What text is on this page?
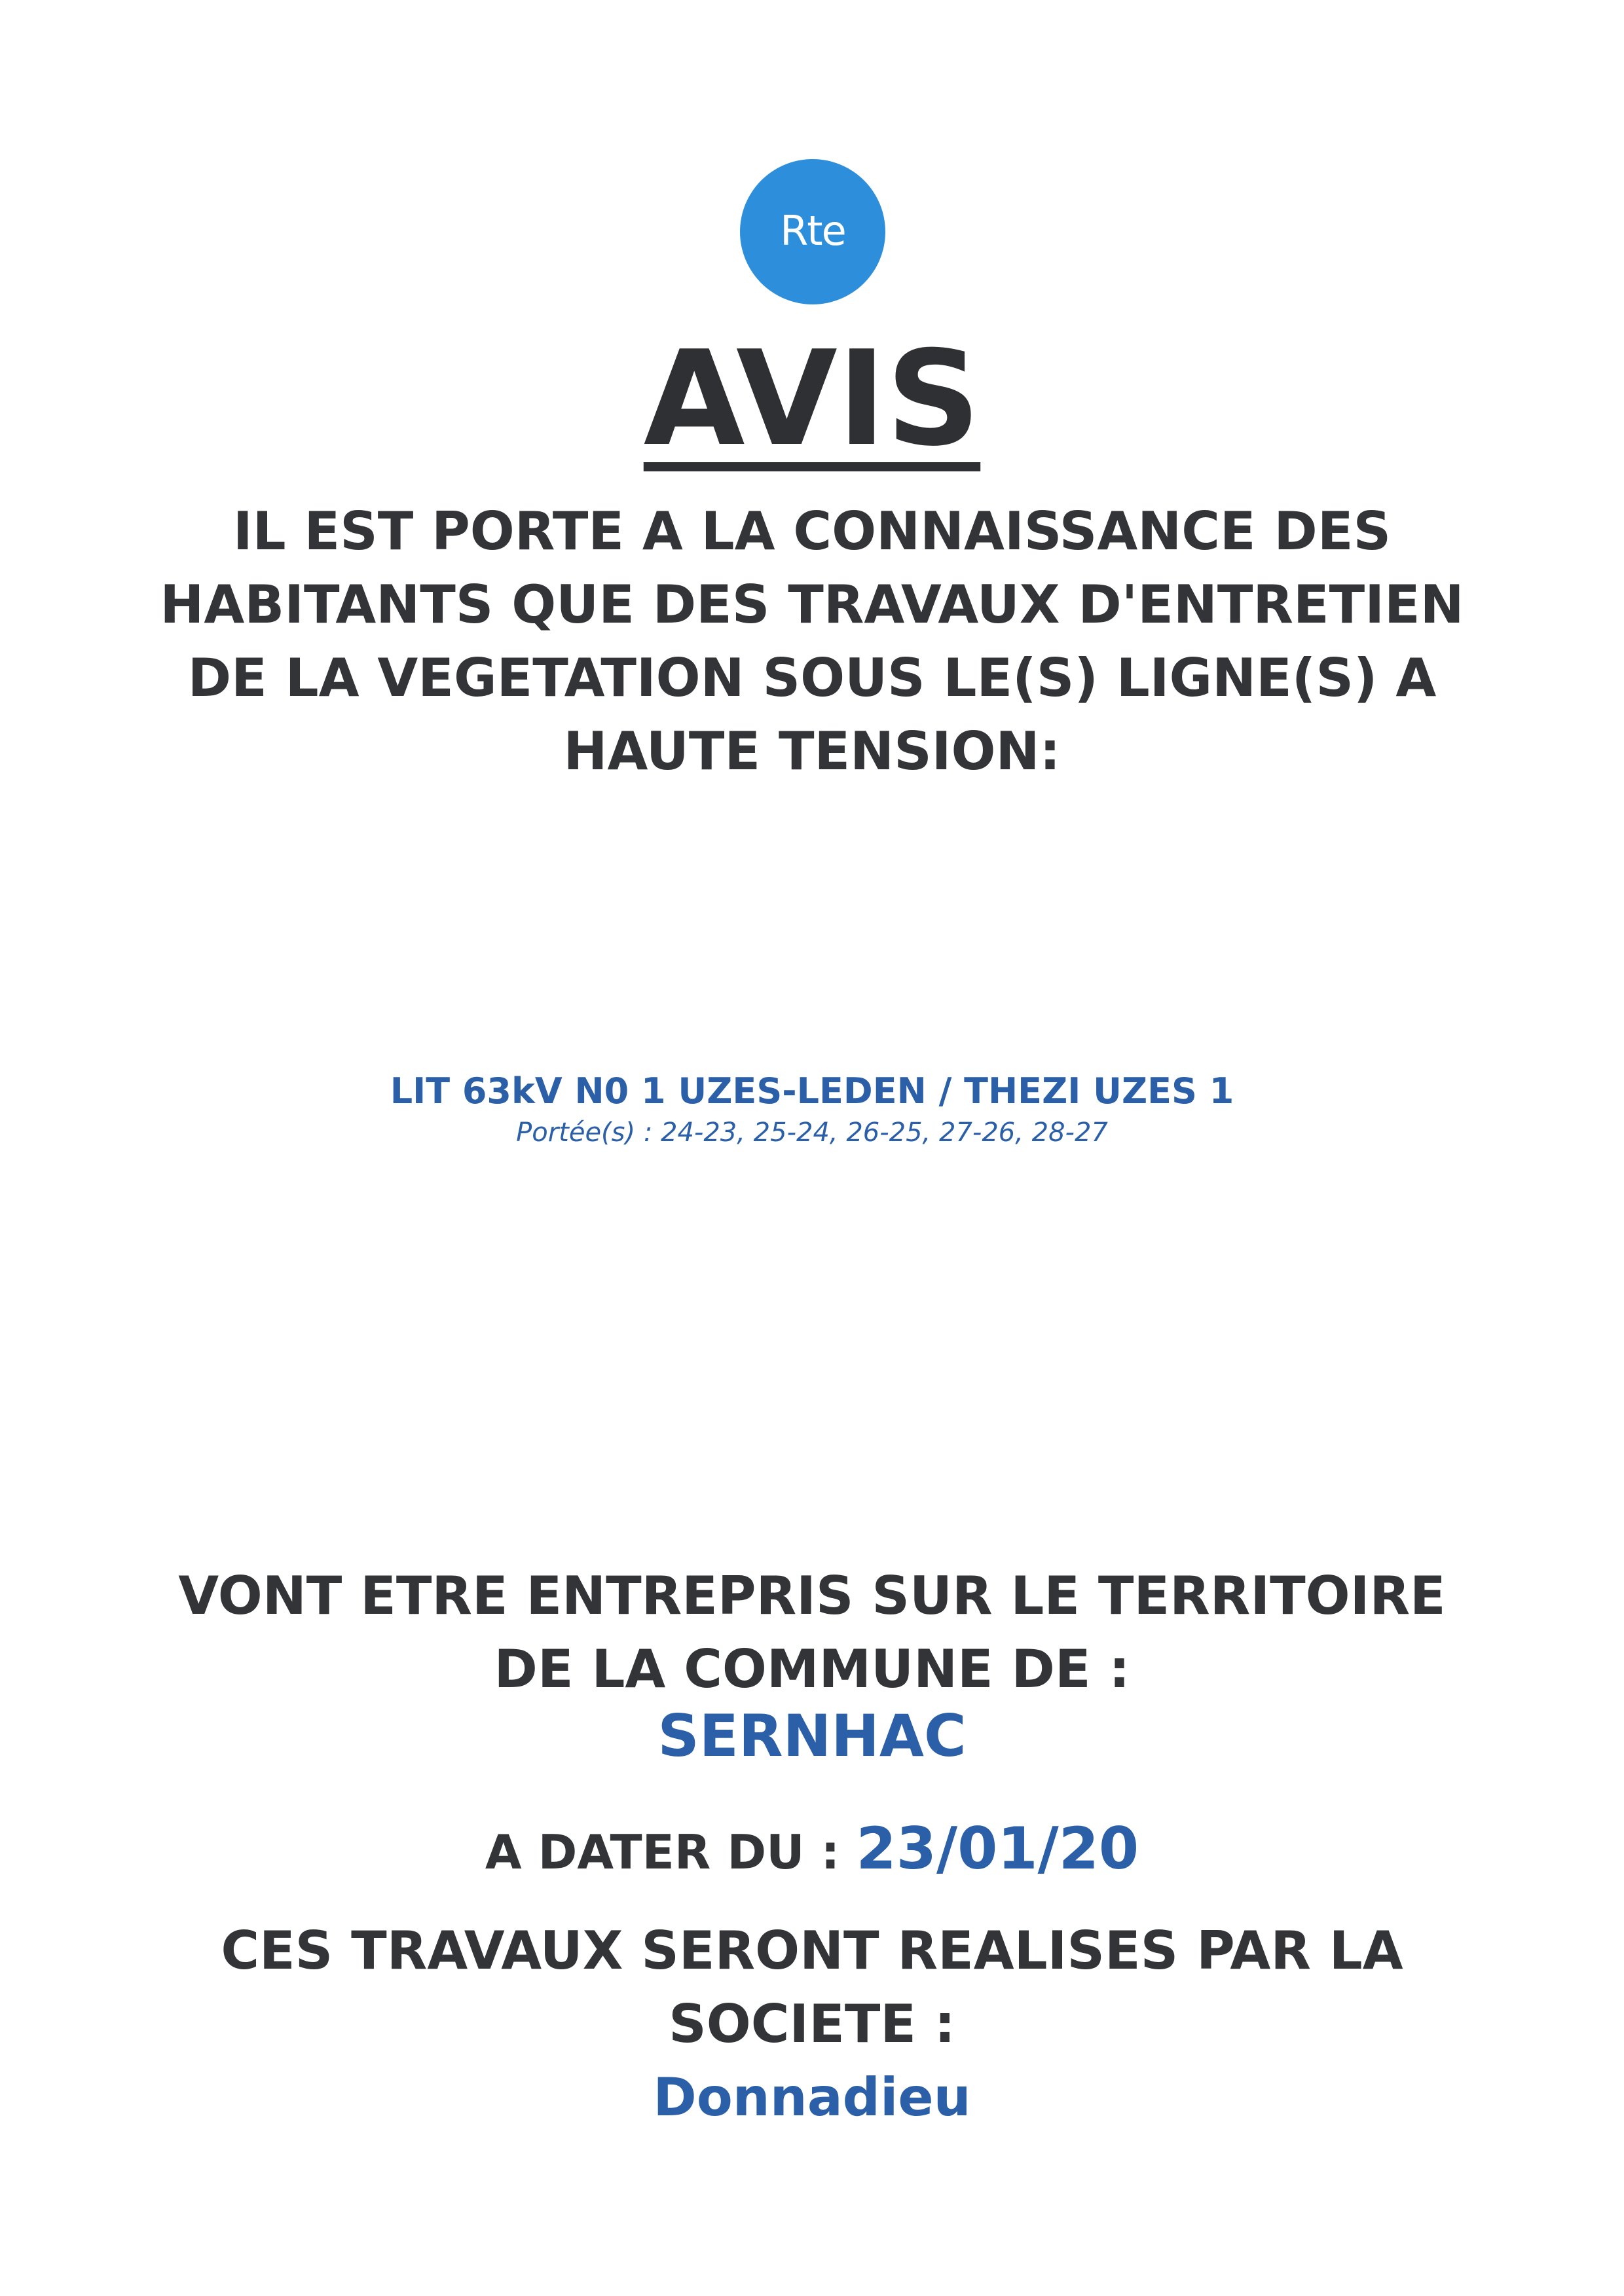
Rte
AVIS
IL EST PORTE A LA CONNAISSANCE DES
HABITANTS QUE DES TRAVAUX D'ENTRETIEN
DE LA VEGETATION SOUS LE(S) LIGNE(S) A
HAUTE TENSION:
LIT 63kV N0 1 UZES-LEDEN / THEZI UZES 1
Portée(s) : 24-23, 25-24, 26-25, 27-26, 28-27
VONT ETRE ENTREPRIS SUR LE TERRITOIRE
DE LA COMMUNE DE :
SERNHAC
A DATER DU : 23/01/20
CES TRAVAUX SERONT REALISES PAR LA
SOCIETE :
Donnadieu
